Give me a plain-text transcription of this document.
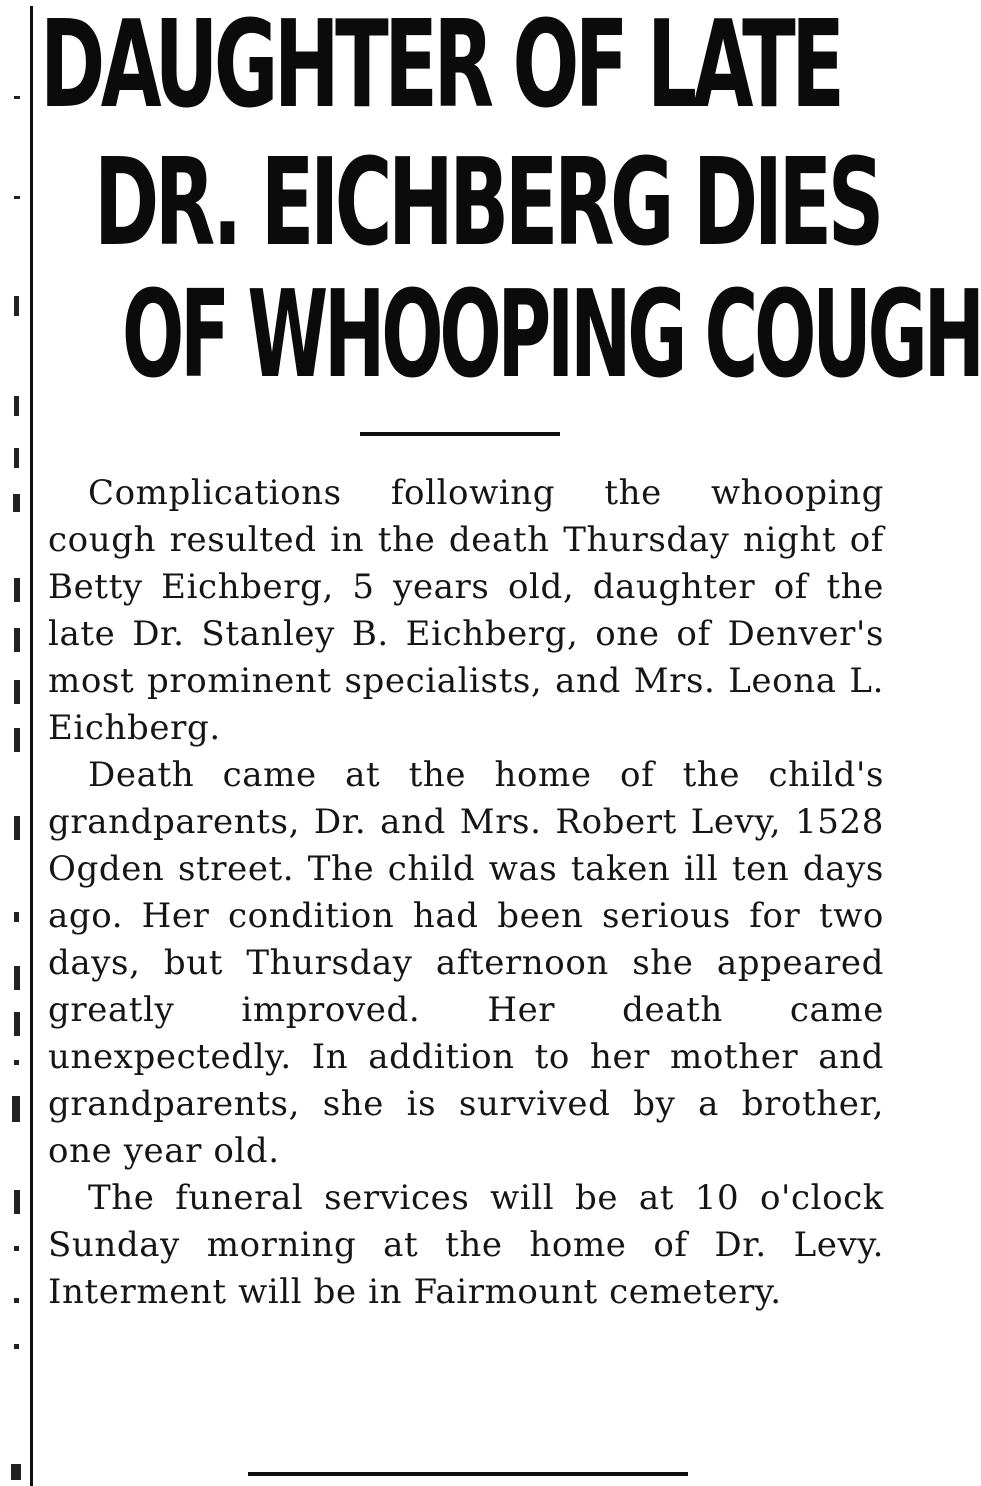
DAUGHTER OF LATE
DR. EICHBERG DIES
OF WHOOPING COUGH

Complications following the whooping cough resulted in the death Thursday night of Betty Eichberg, 5 years old, daughter of the late Dr. Stanley B. Eichberg, one of Denver's most prominent specialists, and Mrs. Leona L. Eichberg.

Death came at the home of the child's grandparents, Dr. and Mrs. Robert Levy, 1528 Ogden street. The child was taken ill ten days ago. Her condition had been serious for two days, but Thursday afternoon she appeared greatly improved. Her death came unexpectedly. In addition to her mother and grandparents, she is survived by a brother, one year old.

The funeral services will be at 10 o'clock Sunday morning at the home of Dr. Levy. Interment will be in Fairmount cemetery.
